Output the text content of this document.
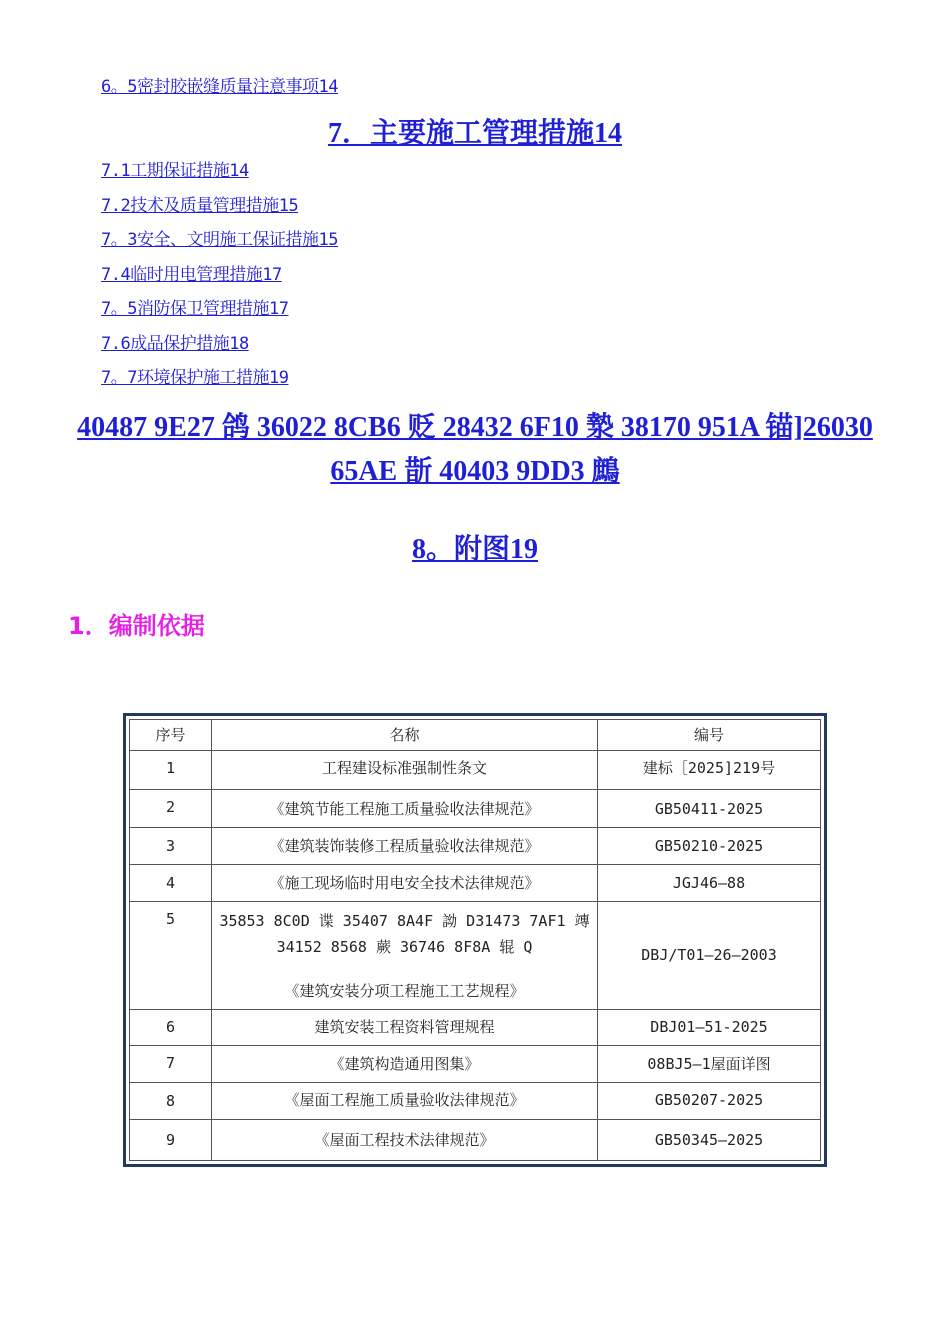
6。5密封胶嵌缝质量注意事项14
7．主要施工管理措施14
7.1工期保证措施14
7.2技术及质量管理措施15
7。3安全、文明施工保证措施15
7.4临时用电管理措施17
7。5消防保卫管理措施17
7.6成品保护措施18
7。7环境保护施工措施19
40487 9E27 鸽 36022 8CB6 贬 28432 6F10 漐 38170 951A 锚]26030 65AE 斮 40403 9DD3 鷓
8。附图19
1．编制依据
序号	名称	编号
1	工程建设标准强制性条文	建标［2025]219号
2	《建筑节能工程施工质量验收法律规范》	GB50411-2025
3	《建筑装饰装修工程质量验收法律规范》	GB50210-2025
4	《施工现场临时用电安全技术法律规范》	JGJ46—88
5	35853 8C0D 谍 35407 8A4F 詏 D31473 7AF1 竱
34152 8568 蕨 36746 8F8A 辊 Q
《建筑安装分项工程施工工艺规程》	DBJ/T01—26—2003
6	建筑安装工程资料管理规程	DBJ01—51-2025
7	《建筑构造通用图集》	08BJ5—1屋面详图
8	《屋面工程施工质量验收法律规范》	GB50207-2025
9	《屋面工程技术法律规范》	GB50345—2025
